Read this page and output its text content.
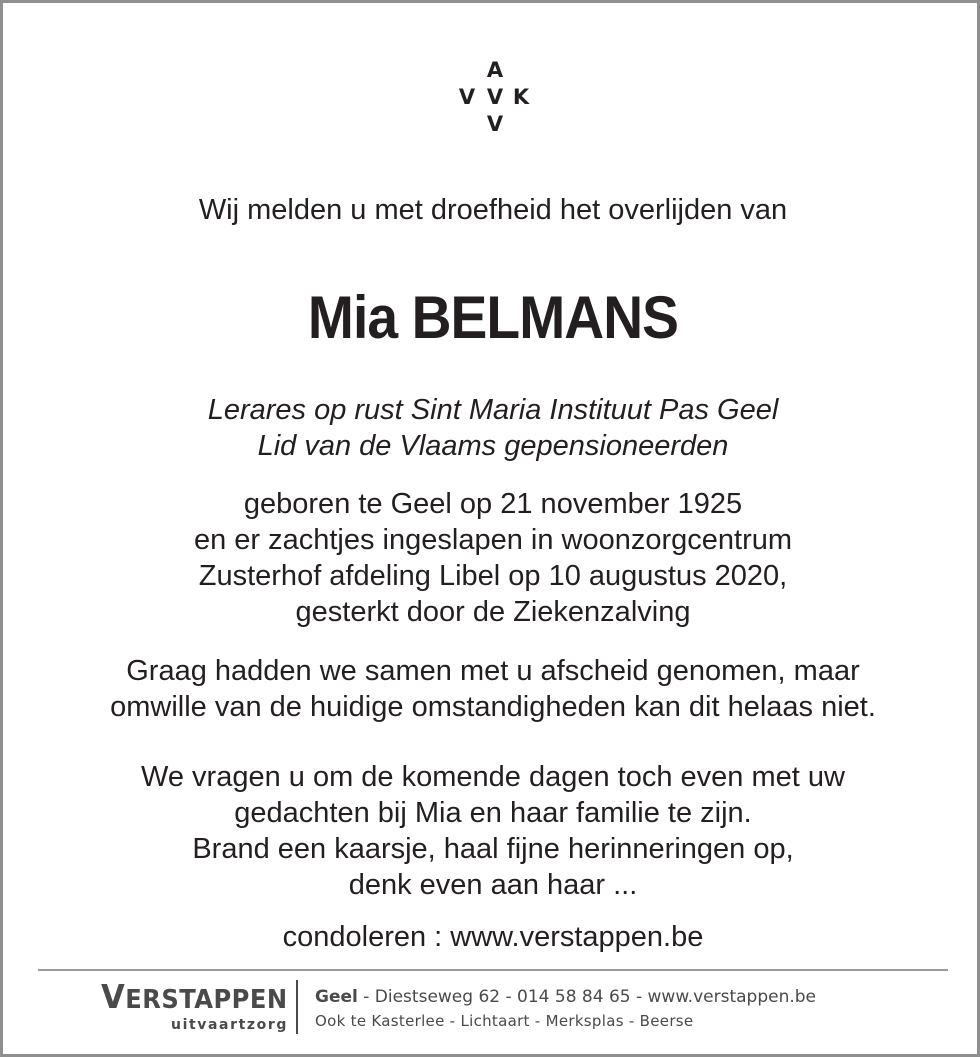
A
V V K
V
Wij melden u met droefheid het overlijden van
Mia BELMANS
Lerares op rust Sint Maria Instituut Pas Geel
Lid van de Vlaams gepensioneerden
geboren te Geel op 21 november 1925
en er zachtjes ingeslapen in woonzorgcentrum
Zusterhof afdeling Libel op 10 augustus 2020,
gesterkt door de Ziekenzalving
Graag hadden we samen met u afscheid genomen, maar
omwille van de huidige omstandigheden kan dit helaas niet.
We vragen u om de komende dagen toch even met uw
gedachten bij Mia en haar familie te zijn.
Brand een kaarsje, haal fijne herinneringen op,
denk even aan haar ...
condoleren : www.verstappen.be
VERSTAPPEN
uitvaartzorg
Geel - Diestseweg 62 - 014 58 84 65 - www.verstappen.be
Ook te Kasterlee - Lichtaart - Merksplas - Beerse
